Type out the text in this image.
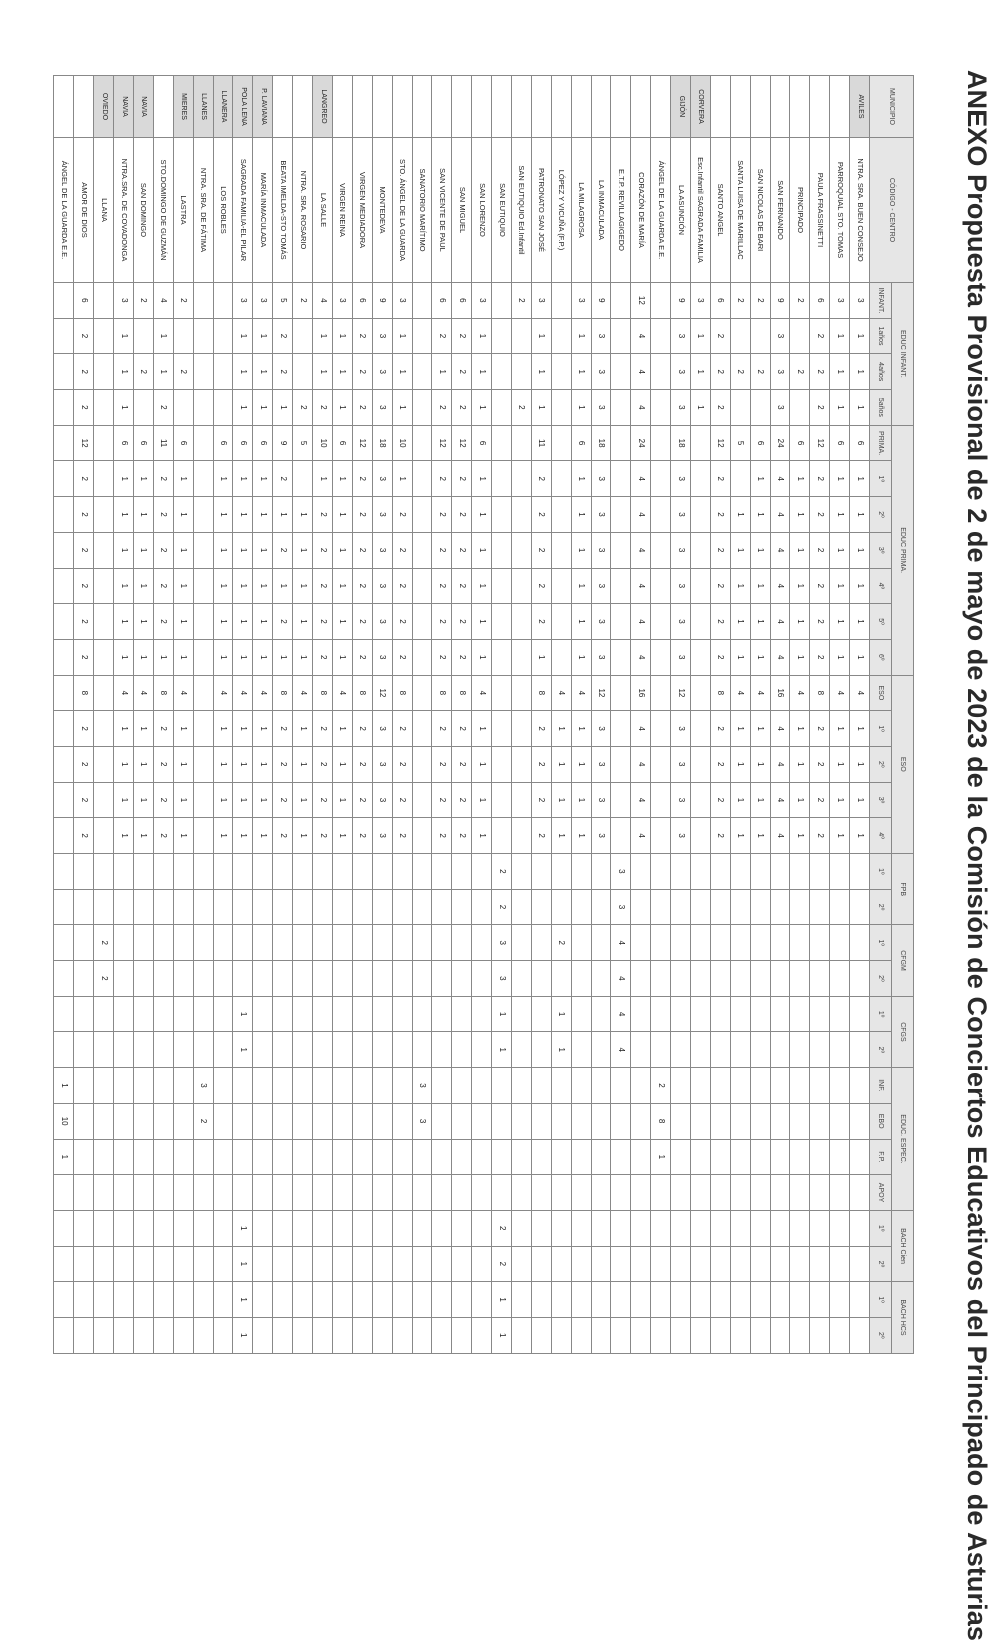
ANEXO Propuesta Provisional de 2 de mayo de 2023 de la Comisión de Conciertos Educativos del Principado de Asturias
MUNICIPIO	CÓDIGO - CENTRO	EDUC INFANT.				EDUC PRIMA.							ESO					FPB		CFGM		CFGS		EDUC. ESPEC.				BACH Cien		BACH HCS	
		INFANT.	1años	4años	5años	PRIMA.	1º	2º	3º	4º	5º	6º	ESO	1º	2º	3º	4º	1º	2º	1º	2º	1º	2º	INF.	EBO	F.P.	APOY	1º	2º	1º	2º
AVILES	NTRA. SRA. BUEN CONSEJO	3	1	1	1	6	1	1	1	1	1	1	4	1	1	1	1														
	PARROQUIAL STO. TOMAS	3	1	1	1	6	1	1	1	1	1	1	4	1	1	1	1														
	PAULA FRASSINETTI	6	2	2	2	12	2	2	2	2	2	2	8	2	2	2	2														
	PRINCIPADO	2		2		6	1	1	1	1	1	1	4	1	1	1	1														
	SAN FERNANDO	9	3	3	3	24	4	4	4	4	4	4	16	4	4	4	4														
	SAN NICOLAS DE BARI	2		2		6	1	1	1	1	1	1	4	1	1	1	1														
	SANTA LUISA DE MARILLAC	2		2		5		1	1	1	1	1	4	1	1	1	1														
	SANTO ANGEL	6	2	2	2	12	2	2	2	2	2	2	8	2	2	2	2														
CORVERA	Esc.Infantil SAGRADA FAMILIA	3	1	1	1																										
GIJÓN	LA ASUNCIÓN	9	3	3	3	18	3	3	3	3	3	3	12	3	3	3	3														
	ÁNGEL DE LA GUARDA E.E.																							2	8	1					
	CORAZÓN DE MARÍA	12	4	4	4	24	4	4	4	4	4	4	16	4	4	4	4														
	E.T.P. REVILLAGIGEDO																	3	3	4	4	4	4								
	LA INMACULADA	9	3	3	3	18	3	3	3	3	3	3	12	3	3	3	3														
	LA MILAGROSA	3	1	1	1	6	1	1	1	1	1	1	4	1	1	1	1														
	LÓPEZ Y VICUÑA (F.P.)												4	1	1	1	1			2		1	1								
	PATRONATO SAN JOSÉ	3	1	1	1	11	2	2	2	2	2	1	8	2	2	2	2														
	SAN EUTIQUIO Ed.Infantil	2			2																										
	SAN EUTIQUIO																	2	2	3	3	1	1					2	2	1	1
	SAN LORENZO	3	1	1	1	6	1	1	1	1	1	1	4	1	1	1	1														
	SAN MIGUEL	6	2	2	2	12	2	2	2	2	2	2	8	2	2	2	2														
	SAN VICENTE DE PAUL	6	2	1	2	12	2	2	2	2	2	2	8	2	2	2	2														
	SANATORIO MARÍTIMO																							3	3						
	STO. ÁNGEL DE LA GUARDA	3	1	1	1	10	1	2	2	2	2	2	8	2	2	2	2														
	MONTEDEVA	9	3	3	3	18	3	3	3	3	3	3	12	3	3	3	3														
	VIRGEN MEDIADORA	6	2	2	2	12	2	2	2	2	2	2	8	2	2	2	2														
	VIRGEN REINA	3	1	1	1	6	1	1	1	1	1	1	4	1	1	1	1														
LANGREO	LA SALLE	4	1	1	2	10	1	2	2	2	2	2	8	2	2	2	2														
	NTRA. SRA. ROSARIO	2			2	5		1	1	1	1	1	4	1	1	1	1														
	BEATA IMELDA-STO TOMÁS	5	2	2	1	9	2	1	2	1	2	1	8	2	2	2	2														
P. LAVIANA	MARÍA INMACULADA	3	1	1	1	6	1	1	1	1	1	1	4	1	1	1	1														
POLA LENA	SAGRADA FAMILIA-EL PILAR	3	1	1	1	6	1	1	1	1	1	1	4	1	1	1	1					1	1					1	1	1	1
LLANERA	LOS ROBLES					6	1	1	1	1	1	1	4	1	1	1	1														
LLANES	NTRA. SRA. DE FÁTIMA																							3	2						
MIERES	LASTRA	2		2		6	1	1	1	1	1	1	4	1	1	1	1														
	STO.DOMINGO DE GUZMÁN	4	1	1	2	11	2	2	2	2	2	1	8	2	2	2	2														
NAVIA	SAN DOMINGO	2		2		6	1	1	1	1	1	1	4	1	1	1	1														
NAVIA	NTRA.SRA. DE COVADONGA	3	1	1	1	6	1	1	1	1	1	1	4	1	1	1	1														
OVIEDO	LLANA																			2	2										
	AMOR DE DIOS	6	2	2	2	12	2	2	2	2	2	2	8	2	2	2	2														
	ÁNGEL DE LA GUARDA E.E.																							1	10	1					
